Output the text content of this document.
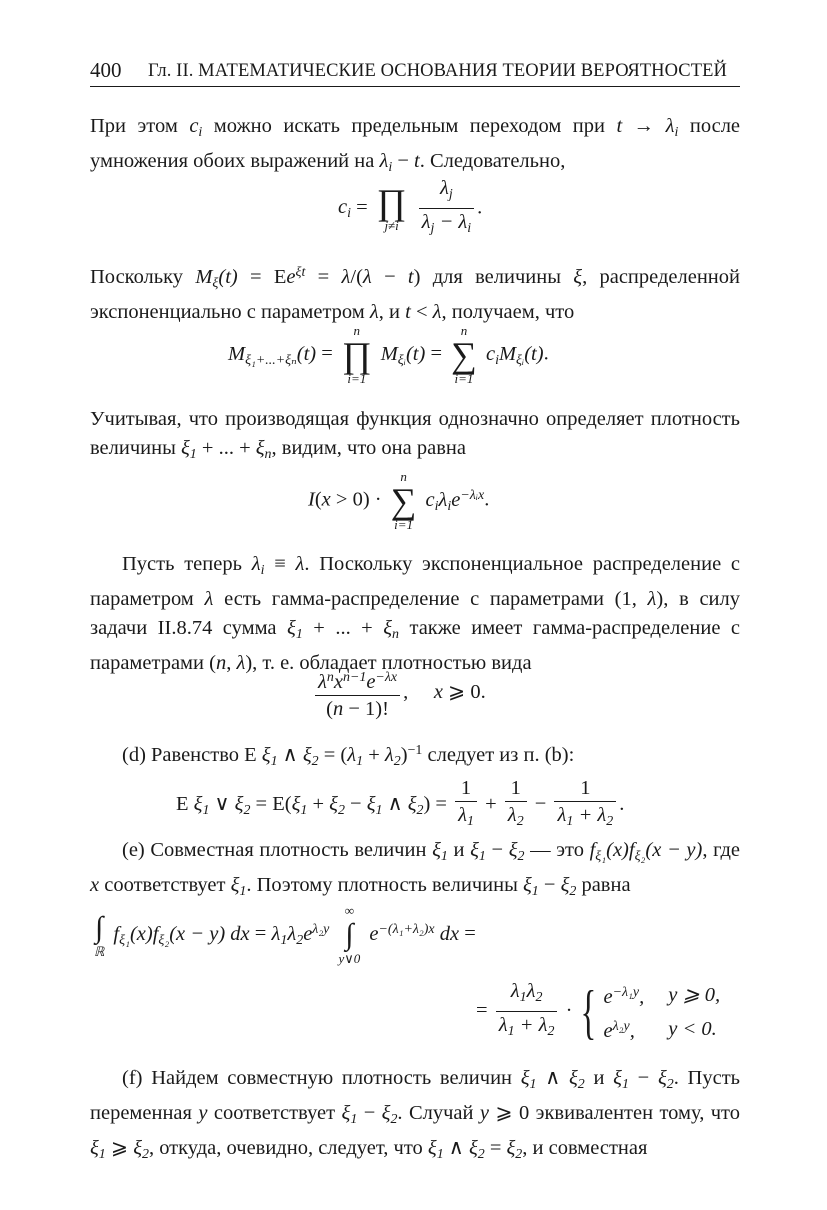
400 Гл. II. МАТЕМАТИЧЕСКИЕ ОСНОВАНИЯ ТЕОРИИ ВЕРОЯТНОСТЕЙ
При этом $c_i$ можно искать предельным переходом при $t \to \lambda_i$ после умножения обоих выражений на $\lambda_i - t$. Следовательно,
$c_i$ = ∏
j≠i
$\frac{\lambda_j}{\lambda_j - \lambda_i}$ .
Поскольку $M_\xi(t) = Ee^{\xi t} = \lambda/(\lambda - t)$ для величины ξ, распределенной экспоненциально с параметром λ, и t < λ, получаем, что
$M_{\xi_1+...+\xi_n}(t)$ =
n
∏
i=1
$M_{\xi ᵢ}(t)$ =
n
∑
i=1
$c_iM_{\xi ᵢ}(t)$.
Учитывая, что производящая функция однозначно определяет плотность величины $\xi_1$ + ... + $\xi_n$, видим, что она равна
I(x > 0) ·
n
∑
i=1
$c_i\lambda_ie^{-\lambda ᵢx}$.
Пусть теперь $\lambda_i \equiv \lambda$. Поскольку экспоненциальное распределение с параметром λ есть гамма-распределение с параметрами (1, λ), в силу задачи II.8.74 сумма $\xi_1$ + ... + $\xi_n$ также имеет гамма-распределение с параметрами (n, λ), т. е. обладает плотностью вида
$\frac{\lambda^nx^{n-1}e^{-\lambda x}}{(n - 1)!}$ ,     x ⩾ 0.
(d) Равенство E $\xi_1$ ∧ $\xi_2 = (\lambda_1 + \lambda_2)^{-1}$ следует из п. (b):
E $\xi_1$ ∨ $\xi_2 = E(\xi_1 + \xi_2 - \xi_1$ ∧ $\xi_2) = \frac{1}{\lambda_1} + \frac{1}{\lambda_2} - \frac{1}{\lambda_1 + \lambda_2}$ .
(e) Совместная плотность величин $\xi_1$ и $\xi_1 - \xi_2$ — это $f_{\xi_1}(x)f_{\xi_2}(x - y)$, где x соответствует $\xi_1$. Поэтому плотность величины $\xi_1 - \xi_2$ равна
∫
ℝ
$f_{\xi_1}(x)f_{\xi_2}(x - y)$ dx = $\lambda_1\lambda_2e^{\lambda_2y}$
∞
∫
y∨0
$e^{-(\lambda_1+\lambda_2)x}$ dx =
= $\frac{\lambda_1\lambda_2}{\lambda_1 + \lambda_2}$ · { $e^{-\lambda_1y}$,	y ⩾ 0,
$e^{\lambda_2y}$,	y < 0.
(f) Найдем совместную плотность величин $\xi_1$ ∧ $\xi_2$ и $\xi_1 - \xi_2$. Пусть переменная y соответствует $\xi_1 - \xi_2$. Случай y ⩾ 0 эквивалентен тому, что $\xi_1$ ⩾ $\xi_2$, откуда, очевидно, следует, что $\xi_1$ ∧ $\xi_2 = \xi_2$, и совместная
